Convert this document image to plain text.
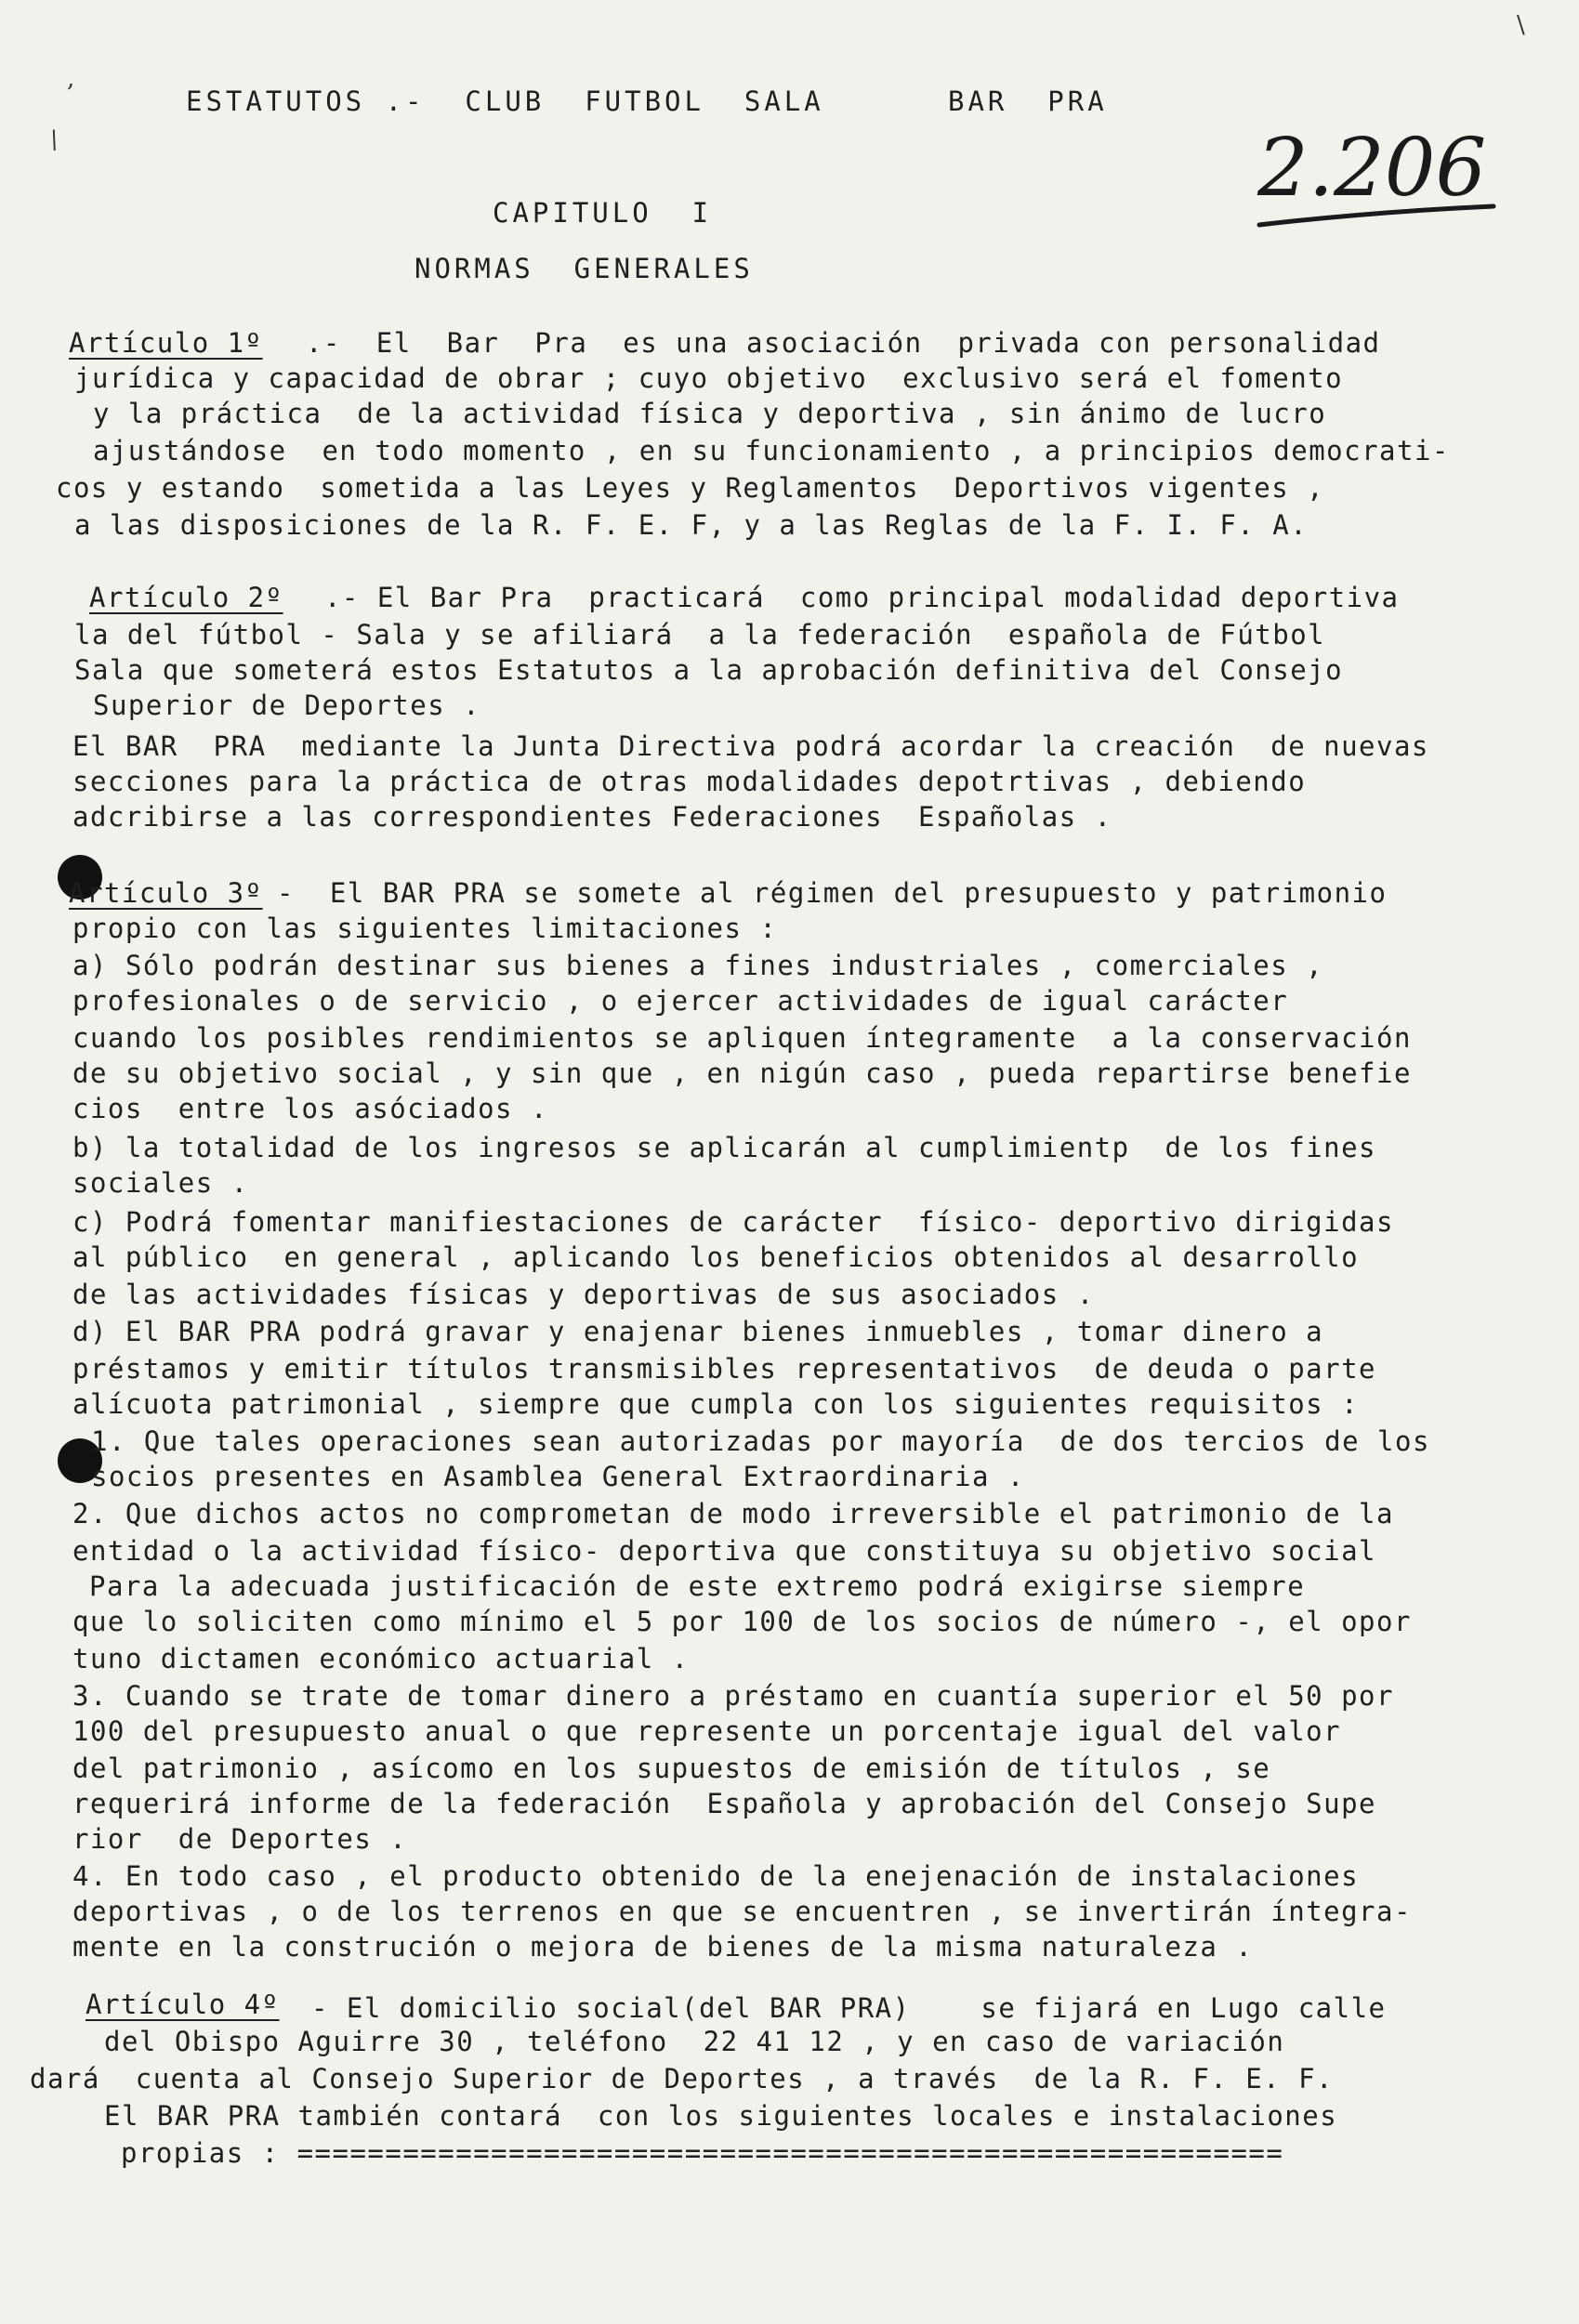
ESTATUTOS .-  CLUB  FUTBOL  SALA	BAR  PRA
2.206
CAPITULO  I
NORMAS  GENERALES
Artículo 1º .-  El  Bar  Pra  es una asociación  privada con personalidad
jurídica y capacidad de obrar ; cuyo objetivo  exclusivo será el fomento
y la práctica  de la actividad física y deportiva , sin ánimo de lucro
ajustándose  en todo momento , en su funcionamiento , a principios democrati-
cos y estando  sometida a las Leyes y Reglamentos  Deportivos vigentes ,
a las disposiciones de la R. F. E. F, y a las Reglas de la F. I. F. A.
Artículo 2º .- El Bar Pra  practicará  como principal modalidad deportiva
la del fútbol - Sala y se afiliará  a la federación  española de Fútbol
Sala que someterá estos Estatutos a la aprobación definitiva del Consejo
Superior de Deportes .
El BAR  PRA  mediante la Junta Directiva podrá acordar la creación  de nuevas
secciones para la práctica de otras modalidades depotrtivas , debiendo
adcribirse a las correspondientes Federaciones  Españolas .
Artículo 3º -  El BAR PRA se somete al régimen del presupuesto y patrimonio
propio con las siguientes limitaciones :
a) Sólo podrán destinar sus bienes a fines industriales , comerciales ,
profesionales o de servicio , o ejercer actividades de igual carácter
cuando los posibles rendimientos se apliquen íntegramente  a la conservación
de su objetivo social , y sin que , en nigún caso , pueda repartirse benefie
cios  entre los asóciados .
b) la totalidad de los ingresos se aplicarán al cumplimientp  de los fines
sociales .
c) Podrá fomentar manifiestaciones de carácter  físico- deportivo dirigidas
al público  en general , aplicando los beneficios obtenidos al desarrollo
de las actividades físicas y deportivas de sus asociados .
d) El BAR PRA podrá gravar y enajenar bienes inmuebles , tomar dinero a
préstamos y emitir títulos transmisibles representativos  de deuda o parte
alícuota patrimonial , siempre que cumpla con los siguientes requisitos :
1. Que tales operaciones sean autorizadas por mayoría  de dos tercios de los
socios presentes en Asamblea General Extraordinaria .
2. Que dichos actos no comprometan de modo irreversible el patrimonio de la
entidad o la actividad físico- deportiva que constituya su objetivo social
Para la adecuada justificación de este extremo podrá exigirse siempre
que lo soliciten como mínimo el 5 por 100 de los socios de número -, el opor
tuno dictamen económico actuarial .
3. Cuando se trate de tomar dinero a préstamo en cuantía superior el 50 por
100 del presupuesto anual o que represente un porcentaje igual del valor
del patrimonio , asícomo en los supuestos de emisión de títulos , se
requerirá informe de la federación  Española y aprobación del Consejo Supe
rior  de Deportes .
4. En todo caso , el producto obtenido de la enejenación de instalaciones
deportivas , o de los terrenos en que se encuentren , se invertirán íntegra-
mente en la construción o mejora de bienes de la misma naturaleza .
Artículo 4º - El domicilio social(del BAR PRA)    se fijará en Lugo calle
del Obispo Aguirre 30 , teléfono  22 41 12 , y en caso de variación
dará  cuenta al Consejo Superior de Deportes , a través  de la R. F. E. F.
El BAR PRA también contará  con los siguientes locales e instalaciones
propias : ========================================================
,
/
\
